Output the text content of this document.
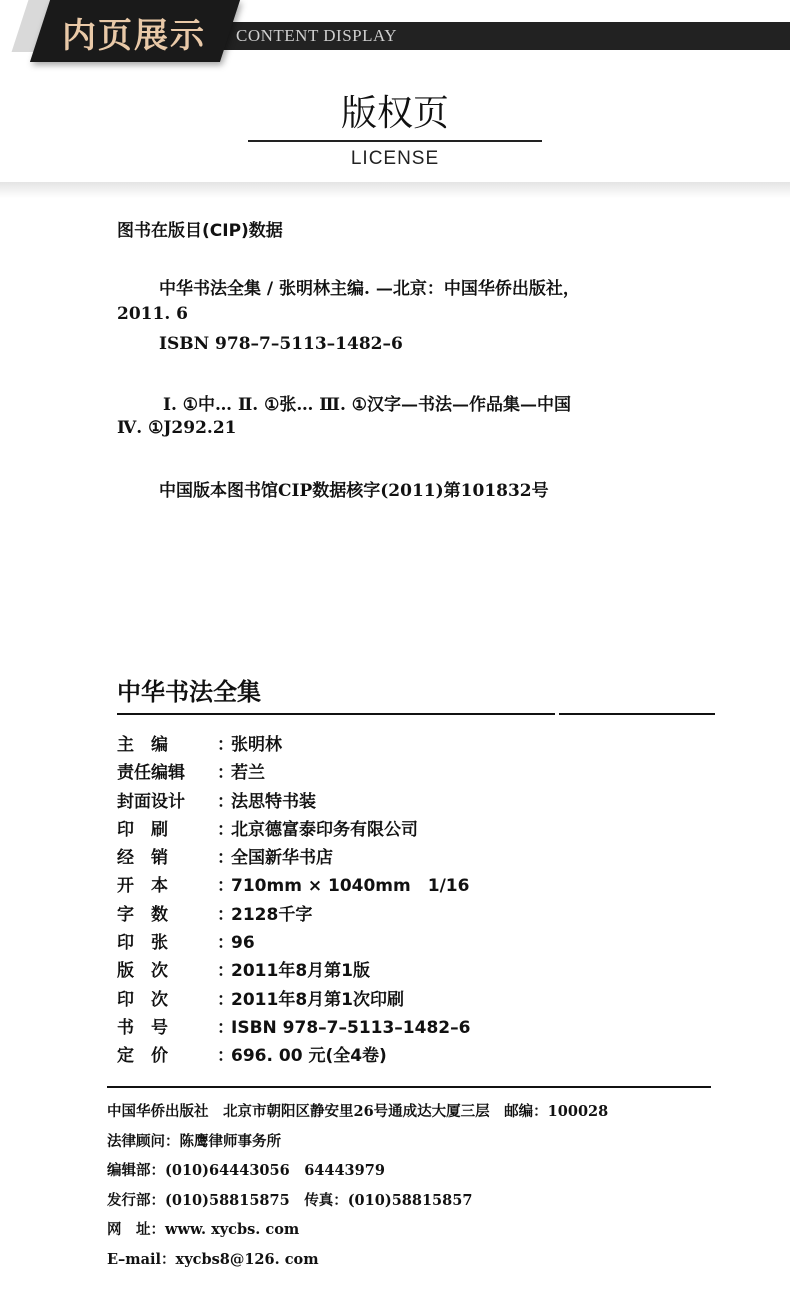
内页展示 CONTENT DISPLAY
版权页
LICENSE

图书在版目(CIP)数据

中华书法全集 / 张明林主编. —北京：中国华侨出版社，

2011. 6

ISBN 978–7–5113–1482–6

Ⅰ. ①中… Ⅱ. ①张… Ⅲ. ①汉字—书法—作品集—中国

Ⅳ. ①J292.21

中国版本图书馆CIP数据核字(2011)第101832号

中华书法全集
主　编	：张明林
责任编辑 ：若兰
封面设计 ：法思特书装
印　刷	：北京德富泰印务有限公司
经　销	：全国新华书店
开　本	：710mm × 1040mm　1/16
字　数	：2128千字
印　张	：96
版　次	：2011年8月第1版
印　次	：2011年8月第1次印刷
书　号	：ISBN 978–7–5113–1482–6
定　价	：696. 00 元(全4卷)
中国华侨出版社　北京市朝阳区静安里26号通成达大厦三层　邮编：100028
法律顾问：陈鹰律师事务所
编辑部：(010)64443056　64443979
发行部：(010)58815875　传真：(010)58815857
网　址：www. xycbs. com
E–mail：xycbs8@126. com
